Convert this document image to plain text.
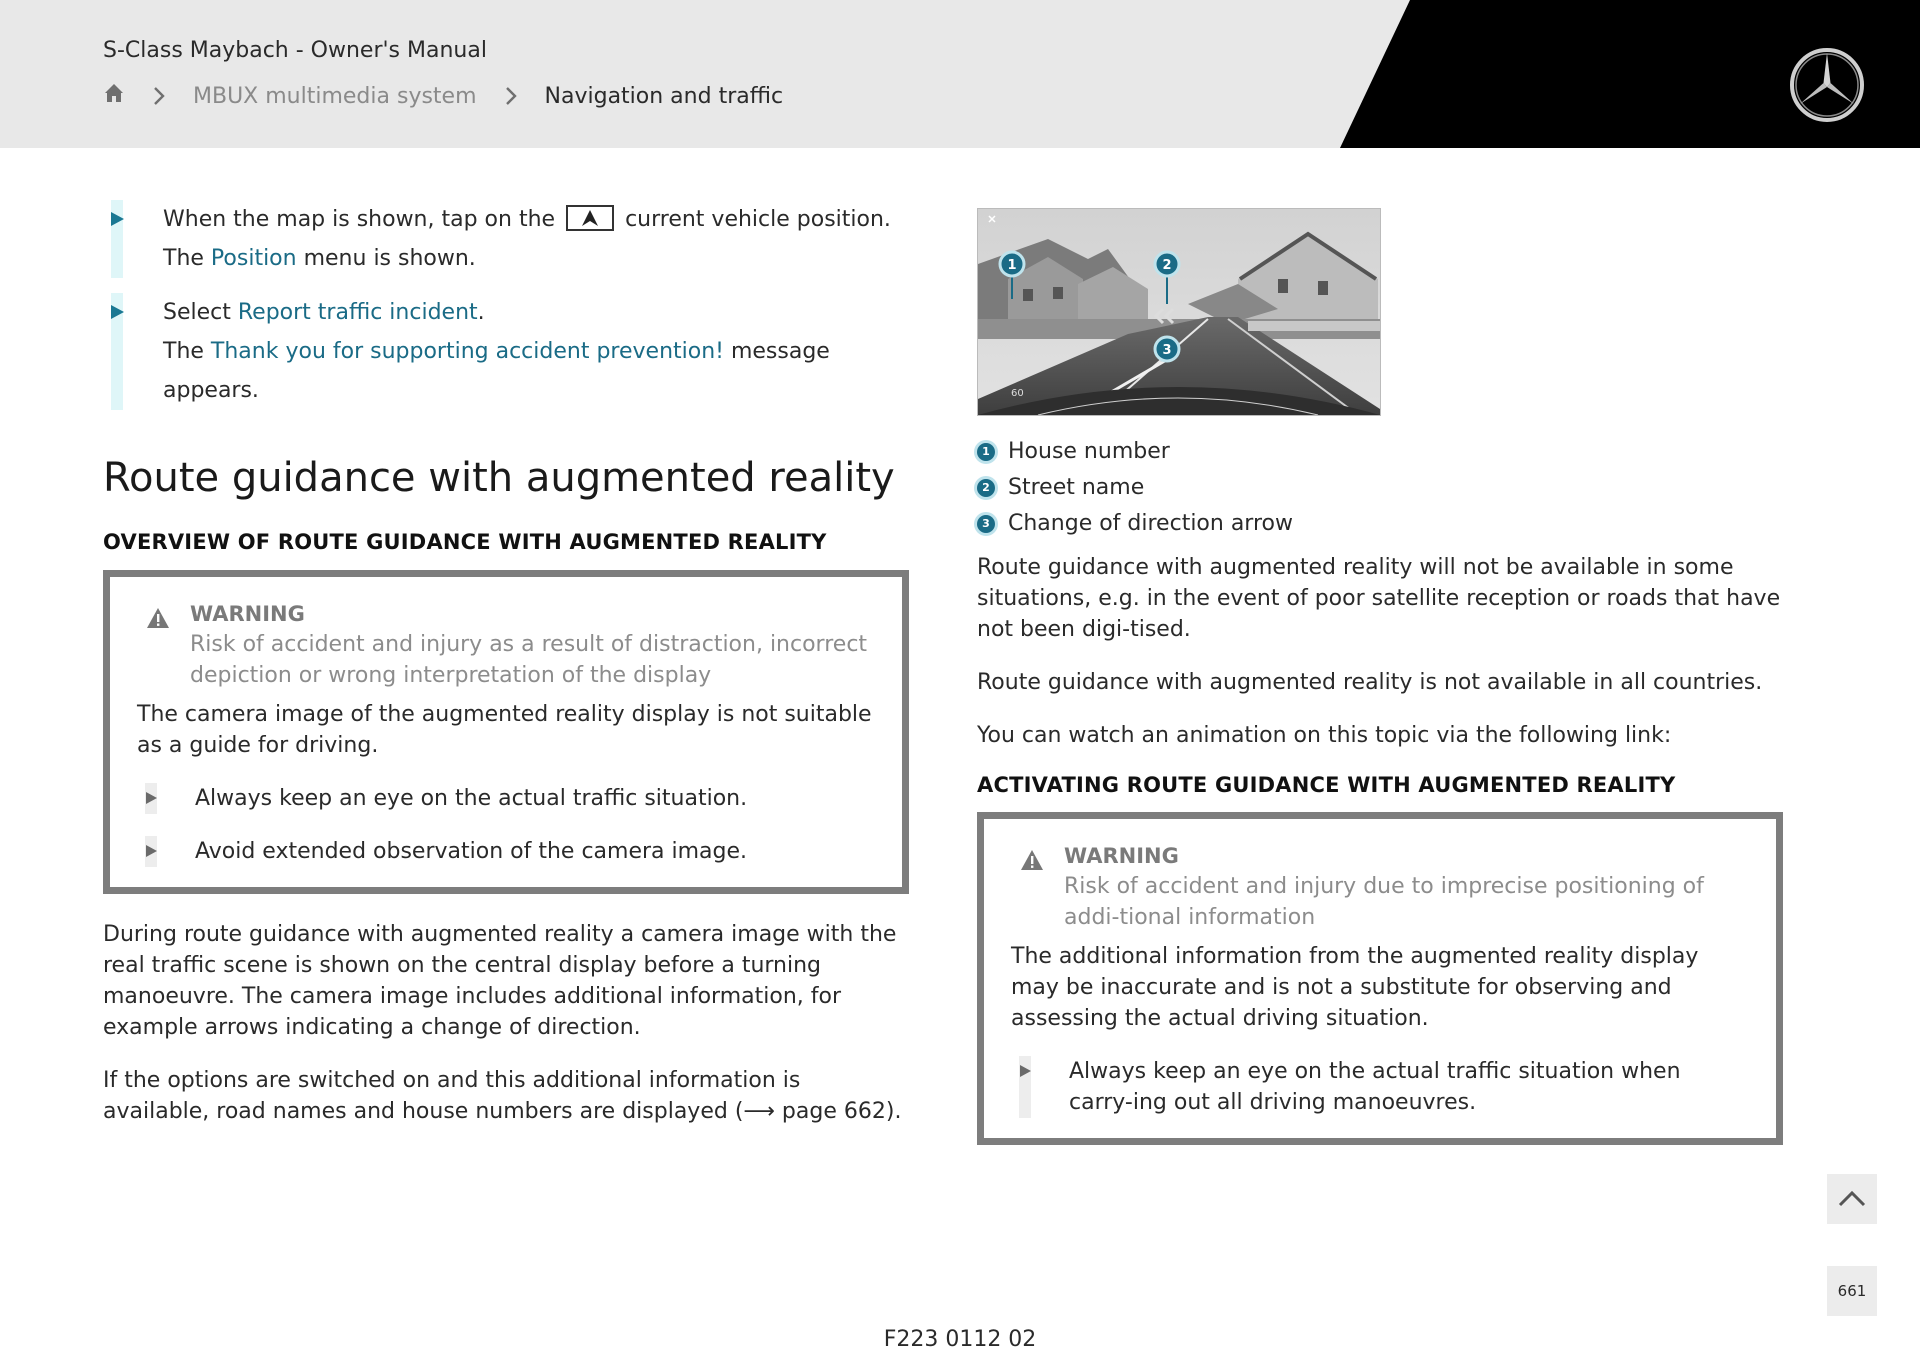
S-Class Maybach - Owner's Manual
MBUX multimedia system	Navigation and traffic
When the map is shown, tap on the	current vehicle position.
The Position menu is shown.
Select Report traffic incident.
The Thank you for supporting accident prevention! message appears.
Route guidance with augmented reality
OVERVIEW OF ROUTE GUIDANCE WITH AUGMENTED REALITY
WARNING
Risk of accident and injury as a result of distraction, incorrect depiction or wrong interpretation of the display
The camera image of the augmented reality display is not suitable as a guide for driving.
Always keep an eye on the actual traffic situation.
Avoid extended observation of the camera image.

During route guidance with augmented reality a camera image with the real traffic scene is shown on the central display before a turning manoeuvre. The camera image includes additional information, for example arrows indicating a change of direction.

If the options are switched on and this additional information is available, road names and house numbers are displayed (⟶ page 662).

60
1	2
3
1 House number
2 Street name
3 Change of direction arrow

Route guidance with augmented reality will not be available in some situations, e.g. in the event of poor satellite reception or roads that have not been digi-tised.

Route guidance with augmented reality is not available in all countries.

You can watch an animation on this topic via the following link:

ACTIVATING ROUTE GUIDANCE WITH AUGMENTED REALITY
WARNING
Risk of accident and injury due to imprecise positioning of addi-tional information
The additional information from the augmented reality display may be inaccurate and is not a substitute for observing and assessing the actual driving situation.
Always keep an eye on the actual traffic situation when carry-ing out all driving manoeuvres.
661
F223 0112 02
